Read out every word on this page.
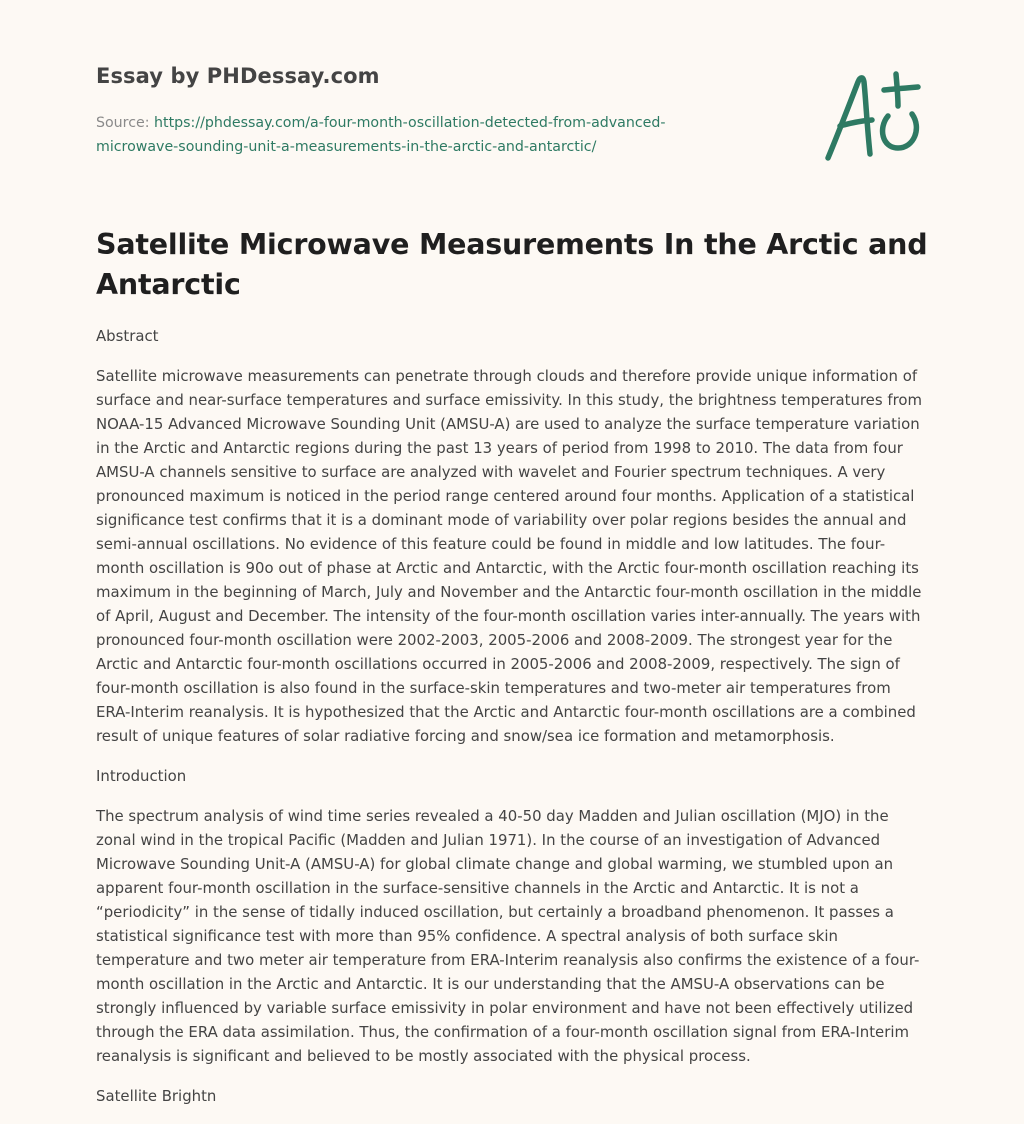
Essay by PHDessay.com
Source: https://phdessay.com/a-four-month-oscillation-detected-from-advanced-microwave-sounding-unit-a-measurements-in-the-arctic-and-antarctic/
Satellite Microwave Measurements In the Arctic and Antarctic
Abstract

Satellite microwave measurements can penetrate through clouds and therefore provide unique information of surface and near-surface temperatures and surface emissivity. In this study, the brightness temperatures from NOAA-15 Advanced Microwave Sounding Unit (AMSU-A) are used to analyze the surface temperature variation in the Arctic and Antarctic regions during the past 13 years of period from 1998 to 2010. The data from four AMSU-A channels sensitive to surface are analyzed with wavelet and Fourier spectrum techniques. A very pronounced maximum is noticed in the period range centered around four months. Application of a statistical significance test confirms that it is a dominant mode of variability over polar regions besides the annual and semi-annual oscillations. No evidence of this feature could be found in middle and low latitudes. The four-month oscillation is 90o out of phase at Arctic and Antarctic, with the Arctic four-month oscillation reaching its maximum in the beginning of March, July and November and the Antarctic four-month oscillation in the middle of April, August and December. The intensity of the four-month oscillation varies inter-annually. The years with pronounced four-month oscillation were 2002-2003, 2005-2006 and 2008-2009. The strongest year for the Arctic and Antarctic four-month oscillations occurred in 2005-2006 and 2008-2009, respectively. The sign of four-month oscillation is also found in the surface-skin temperatures and two-meter air temperatures from ERA-Interim reanalysis. It is hypothesized that the Arctic and Antarctic four-month oscillations are a combined result of unique features of solar radiative forcing and snow/sea ice formation and metamorphosis.

Introduction

The spectrum analysis of wind time series revealed a 40-50 day Madden and Julian oscillation (MJO) in the zonal wind in the tropical Pacific (Madden and Julian 1971). In the course of an investigation of Advanced Microwave Sounding Unit-A (AMSU-A) for global climate change and global warming, we stumbled upon an apparent four-month oscillation in the surface-sensitive channels in the Arctic and Antarctic. It is not a “periodicity” in the sense of tidally induced oscillation, but certainly a broadband phenomenon. It passes a statistical significance test with more than 95% confidence. A spectral analysis of both surface skin temperature and two meter air temperature from ERA-Interim reanalysis also confirms the existence of a four-month oscillation in the Arctic and Antarctic. It is our understanding that the AMSU-A observations can be strongly influenced by variable surface emissivity in polar environment and have not been effectively utilized through the ERA data assimilation. Thus, the confirmation of a four-month oscillation signal from ERA-Interim reanalysis is significant and believed to be mostly associated with the physical process.

Satellite Brightn
